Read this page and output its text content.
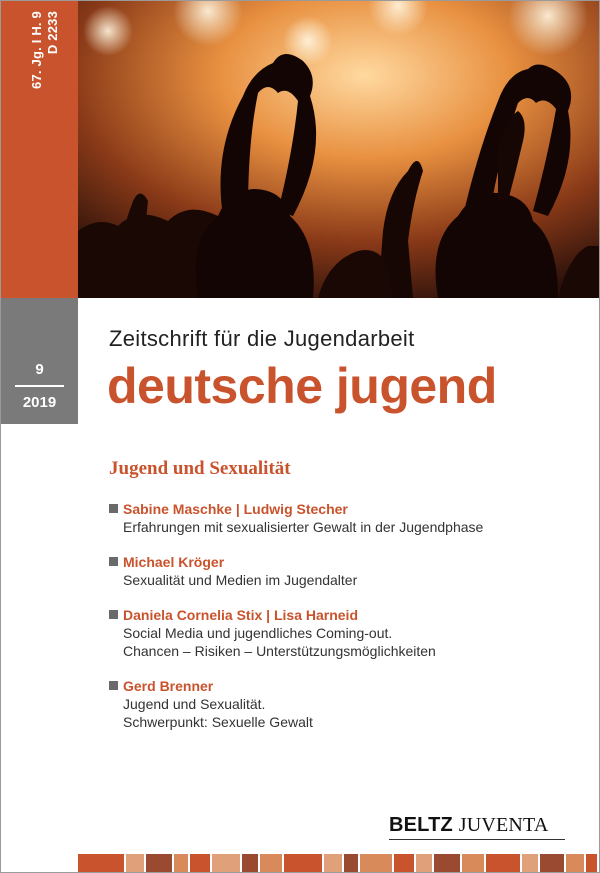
67. Jg. I H. 9 D 2233
9
2019
Zeitschrift für die Jugendarbeit
deutsche jugend
Jugend und Sexualität
Sabine Maschke | Ludwig Stecher
Erfahrungen mit sexualisierter Gewalt in der Jugendphase
Michael Kröger
Sexualität und Medien im Jugendalter
Daniela Cornelia Stix | Lisa Harneid
Social Media und jugendliches Coming-out.
Chancen – Risiken – Unterstützungsmöglichkeiten
Gerd Brenner
Jugend und Sexualität.
Schwerpunkt: Sexuelle Gewalt
BELTZ JUVENTA
